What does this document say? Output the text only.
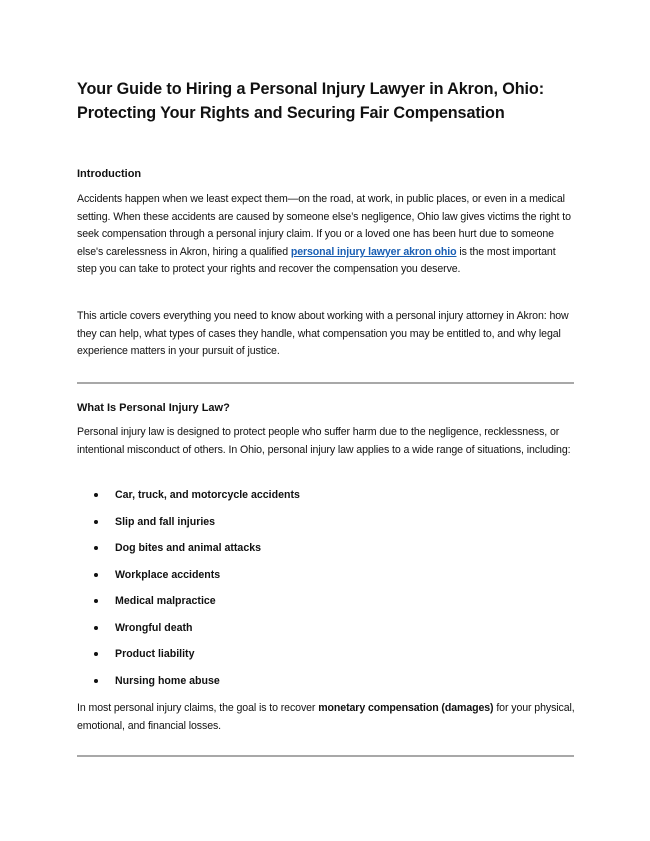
Your Guide to Hiring a Personal Injury Lawyer in Akron, Ohio:
Protecting Your Rights and Securing Fair Compensation
Introduction

Accidents happen when we least expect them—on the road, at work, in public places, or even in a medical setting. When these accidents are caused by someone else’s negligence, Ohio law gives victims the right to seek compensation through a personal injury claim. If you or a loved one has been hurt due to someone else's carelessness in Akron, hiring a qualified personal injury lawyer akron ohio is the most important step you can take to protect your rights and recover the compensation you deserve.

This article covers everything you need to know about working with a personal injury attorney in Akron: how they can help, what types of cases they handle, what compensation you may be entitled to, and why legal experience matters in your pursuit of justice.

What Is Personal Injury Law?

Personal injury law is designed to protect people who suffer harm due to the negligence, recklessness, or intentional misconduct of others. In Ohio, personal injury law applies to a wide range of situations, including:

Car, truck, and motorcycle accidents
Slip and fall injuries
Dog bites and animal attacks
Workplace accidents
Medical malpractice
Wrongful death
Product liability
Nursing home abuse

In most personal injury claims, the goal is to recover monetary compensation (damages) for your physical, emotional, and financial losses.
